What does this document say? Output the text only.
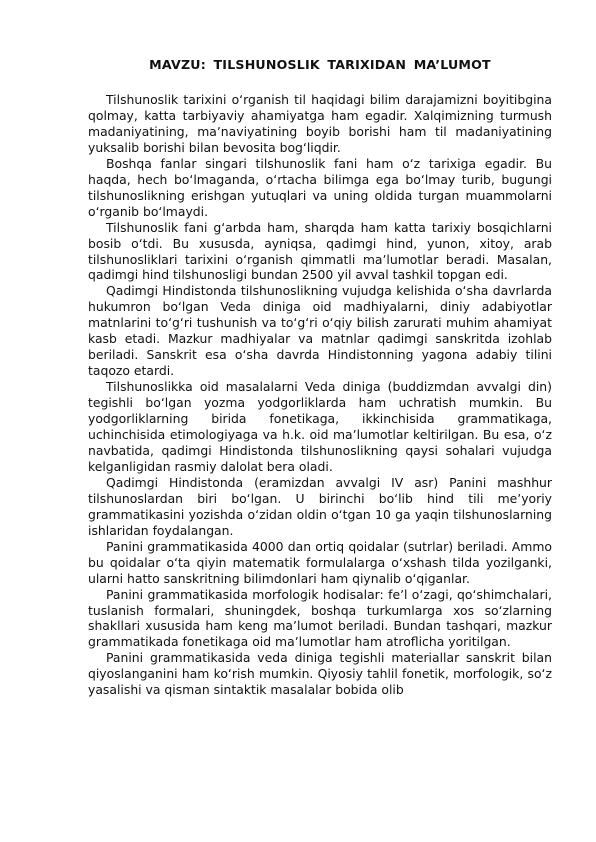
MAVZU: TILSHUNOSLIK TARIXIDAN MA’LUMOT

Tilshunoslik tarixini oʻrganish til haqidagi bilim darajamizni boyitibgina qolmay, katta tarbiyaviy ahamiyatga ham egadir. Xalqimizning turmush madaniyatining, maʼnaviyatining boyib borishi ham til madaniyatining yuksalib borishi bilan bevosita bogʻliqdir.

Boshqa fanlar singari tilshunoslik fani ham oʻz tarixiga egadir. Bu haqda, hech boʻlmaganda, oʻrtacha bilimga ega boʻlmay turib, bugungi tilshunoslikning erishgan yutuqlari va uning oldida turgan muammolarni oʻrganib boʻlmaydi.

Tilshunoslik fani gʻarbda ham, sharqda ham katta tarixiy bosqichlarni bosib oʻtdi. Bu xususda, ayniqsa, qadimgi hind, yunon, xitoy, arab tilshunosliklari tarixini oʻrganish qimmatli maʼlumotlar beradi. Masalan, qadimgi hind tilshunosligi bundan 2500 yil avval tashkil topgan edi.

Qadimgi Hindistonda tilshunoslikning vujudga kelishida oʻsha davrlarda hukumron boʻlgan Veda diniga oid madhiyalarni, diniy adabiyotlar matnlarini toʻgʻri tushunish va toʻgʻri oʻqiy bilish zarurati muhim ahamiyat kasb etadi. Mazkur madhiyalar va matnlar qadimgi sanskritda izohlab beriladi. Sanskrit esa oʻsha davrda Hindistonning yagona adabiy tilini taqozo etardi.

Tilshunoslikka oid masalalarni Veda diniga (buddizmdan avvalgi din) tegishli boʻlgan yozma yodgorliklarda ham uchratish mumkin. Bu yodgorliklarning birida fonetikaga, ikkinchisida grammatikaga, uchinchisida etimologiyaga va h.k. oid maʼlumotlar keltirilgan. Bu esa, oʻz navbatida, qadimgi Hindistonda tilshunoslikning qaysi sohalari vujudga kelganligidan rasmiy dalolat bera oladi.

Qadimgi Hindistonda (eramizdan avvalgi IV asr) Panini mashhur tilshunoslardan biri boʻlgan. U birinchi boʻlib hind tili meʼyoriy grammatikasini yozishda oʻzidan oldin oʻtgan 10 ga yaqin tilshunoslarning ishlaridan foydalangan.

Panini grammatikasida 4000 dan ortiq qoidalar (sutrlar) beriladi. Ammo bu qoidalar oʻta qiyin matematik formulalarga oʻxshash tilda yozilganki, ularni hatto sanskritning bilimdonlari ham qiynalib oʻqiganlar.

Panini grammatikasida morfologik hodisalar: feʼl oʻzagi, qoʻshimchalari, tuslanish formalari, shuningdek, boshqa turkumlarga xos soʻzlarning shakllari xususida ham keng maʼlumot beriladi. Bundan tashqari, mazkur grammatikada fonetikaga oid maʼlumotlar ham atroflicha yoritilgan.

Panini grammatikasida veda diniga tegishli materiallar sanskrit bilan qiyoslanganini ham koʻrish mumkin. Qiyosiy tahlil fonetik, morfologik, soʻz yasalishi va qisman sintaktik masalalar bobida olib
